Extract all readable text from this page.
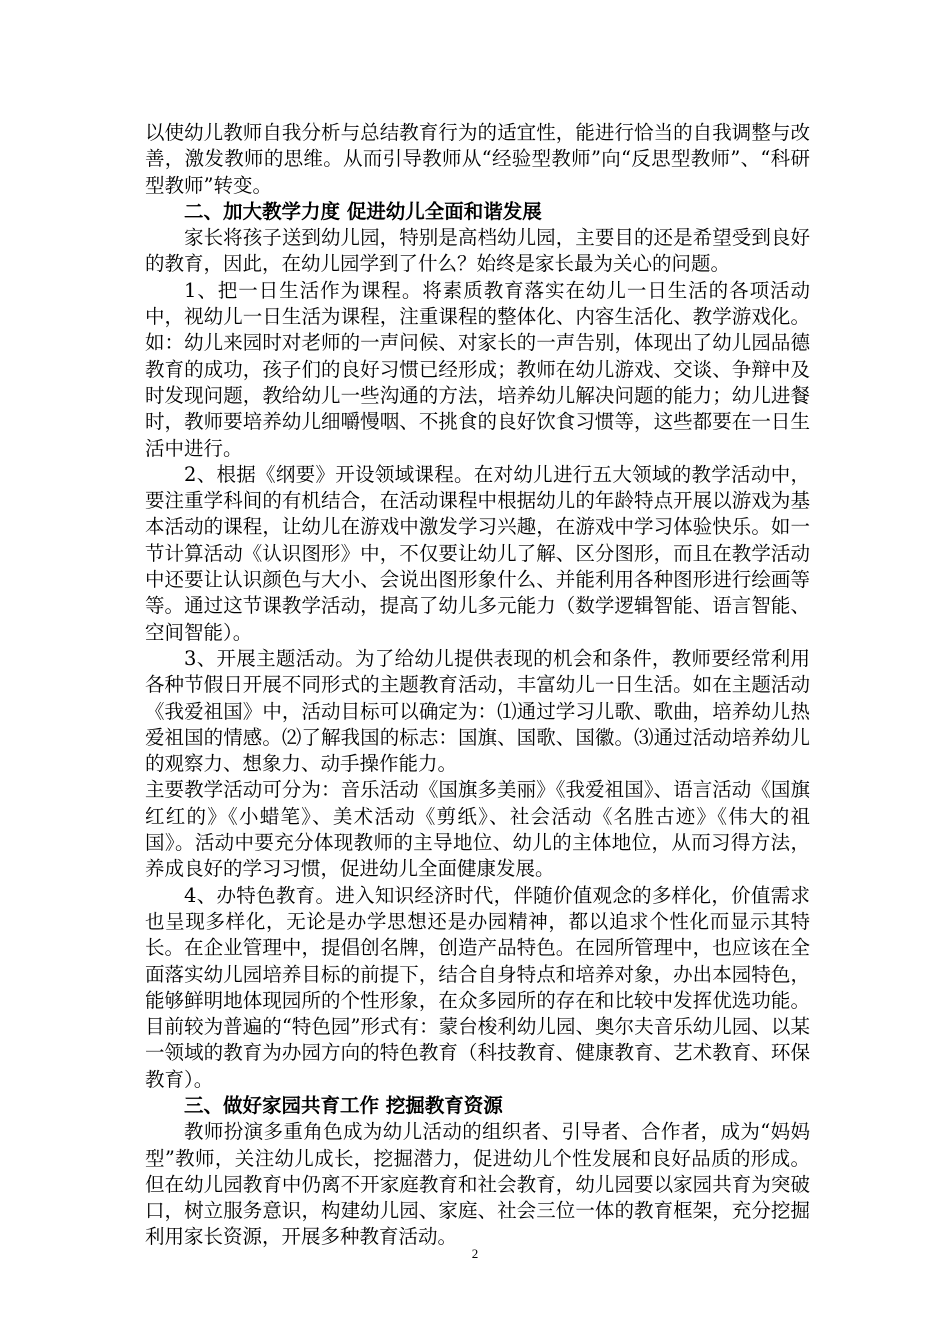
以使幼儿教师自我分析与总结教育行为的适宜性，能进行恰当的自我调整与改善，激发教师的思维。从而引导教师从“经验型教师”向“反思型教师”、“科研型教师”转变。

二、加大教学力度 促进幼儿全面和谐发展

家长将孩子送到幼儿园，特别是高档幼儿园，主要目的还是希望受到良好的教育，因此，在幼儿园学到了什么？始终是家长最为关心的问题。

1、把一日生活作为课程。将素质教育落实在幼儿一日生活的各项活动中，视幼儿一日生活为课程，注重课程的整体化、内容生活化、教学游戏化。如：幼儿来园时对老师的一声问候、对家长的一声告别，体现出了幼儿园品德教育的成功，孩子们的良好习惯已经形成；教师在幼儿游戏、交谈、争辩中及时发现问题，教给幼儿一些沟通的方法，培养幼儿解决问题的能力；幼儿进餐时，教师要培养幼儿细嚼慢咽、不挑食的良好饮食习惯等，这些都要在一日生活中进行。

2、根据《纲要》开设领域课程。在对幼儿进行五大领域的教学活动中，要注重学科间的有机结合，在活动课程中根据幼儿的年龄特点开展以游戏为基本活动的课程，让幼儿在游戏中激发学习兴趣，在游戏中学习体验快乐。如一节计算活动《认识图形》中，不仅要让幼儿了解、区分图形，而且在教学活动中还要让认识颜色与大小、会说出图形象什么、并能利用各种图形进行绘画等等。通过这节课教学活动，提高了幼儿多元能力（数学逻辑智能、语言智能、空间智能）。

3、开展主题活动。为了给幼儿提供表现的机会和条件，教师要经常利用各种节假日开展不同形式的主题教育活动，丰富幼儿一日生活。如在主题活动《我爱祖国》中，活动目标可以确定为：⑴通过学习儿歌、歌曲，培养幼儿热爱祖国的情感。⑵了解我国的标志：国旗、国歌、国徽。⑶通过活动培养幼儿的观察力、想象力、动手操作能力。

主要教学活动可分为：音乐活动《国旗多美丽》《我爱祖国》、语言活动《国旗红红的》《小蜡笔》、美术活动《剪纸》、社会活动《名胜古迹》《伟大的祖国》。活动中要充分体现教师的主导地位、幼儿的主体地位，从而习得方法，养成良好的学习习惯，促进幼儿全面健康发展。

4、办特色教育。进入知识经济时代，伴随价值观念的多样化，价值需求也呈现多样化，无论是办学思想还是办园精神，都以追求个性化而显示其特长。在企业管理中，提倡创名牌，创造产品特色。在园所管理中，也应该在全面落实幼儿园培养目标的前提下，结合自身特点和培养对象，办出本园特色，能够鲜明地体现园所的个性形象，在众多园所的存在和比较中发挥优选功能。目前较为普遍的“特色园”形式有：蒙台梭利幼儿园、奥尔夫音乐幼儿园、以某一领域的教育为办园方向的特色教育（科技教育、健康教育、艺术教育、环保教育）。

三、做好家园共育工作 挖掘教育资源

教师扮演多重角色成为幼儿活动的组织者、引导者、合作者，成为“妈妈型”教师，关注幼儿成长，挖掘潜力，促进幼儿个性发展和良好品质的形成。但在幼儿园教育中仍离不开家庭教育和社会教育，幼儿园要以家园共育为突破口，树立服务意识，构建幼儿园、家庭、社会三位一体的教育框架，充分挖掘利用家长资源，开展多种教育活动。

2
